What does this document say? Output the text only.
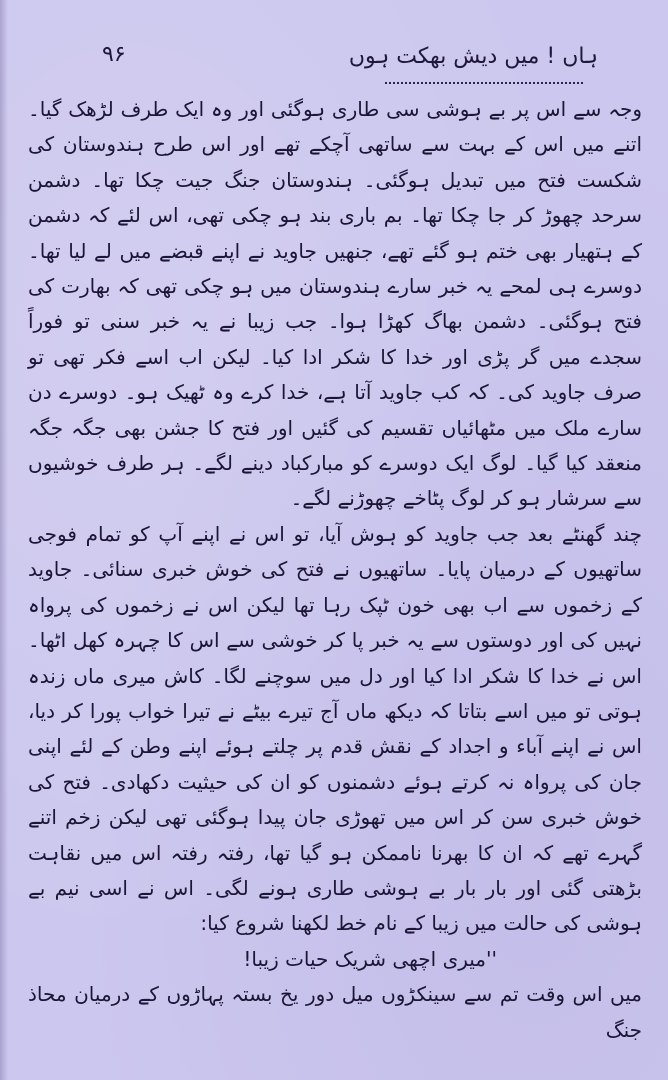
۹۶	ہاں ! میں دیش بھکت ہوں

وجہ سے اس پر بے ہوشی سی طاری ہوگئی اور وہ ایک طرف لڑھک گیا۔ اتنے میں اس کے بہت سے ساتھی آچکے تھے اور اس طرح ہندوستان کی شکست فتح میں تبدیل ہوگئی۔ ہندوستان جنگ جیت چکا تھا۔ دشمن سرحد چھوڑ کر جا چکا تھا۔ بم باری بند ہو چکی تھی، اس لئے کہ دشمن کے ہتھیار بھی ختم ہو گئے تھے، جنھیں جاوید نے اپنے قبضے میں لے لیا تھا۔ دوسرے ہی لمحے یہ خبر سارے ہندوستان میں ہو چکی تھی کہ بھارت کی فتح ہوگئی۔ دشمن بھاگ کھڑا ہوا۔ جب زیبا نے یہ خبر سنی تو فوراً سجدے میں گر پڑی اور خدا کا شکر ادا کیا۔ لیکن اب اسے فکر تھی تو صرف جاوید کی۔ کہ کب جاوید آتا ہے، خدا کرے وہ ٹھیک ہو۔ دوسرے دن سارے ملک میں مٹھائیاں تقسیم کی گئیں اور فتح کا جشن بھی جگہ جگہ منعقد کیا گیا۔ لوگ ایک دوسرے کو مبارکباد دینے لگے۔ ہر طرف خوشیوں سے سرشار ہو کر لوگ پٹاخے چھوڑنے لگے۔

چند گھنٹے بعد جب جاوید کو ہوش آیا، تو اس نے اپنے آپ کو تمام فوجی ساتھیوں کے درمیان پایا۔ ساتھیوں نے فتح کی خوش خبری سنائی۔ جاوید کے زخموں سے اب بھی خون ٹپک رہا تھا لیکن اس نے زخموں کی پرواہ نہیں کی اور دوستوں سے یہ خبر پا کر خوشی سے اس کا چہرہ کھل اٹھا۔ اس نے خدا کا شکر ادا کیا اور دل میں سوچنے لگا۔ کاش میری ماں زندہ ہوتی تو میں اسے بتاتا کہ دیکھ ماں آج تیرے بیٹے نے تیرا خواب پورا کر دیا، اس نے اپنے آباء و اجداد کے نقش قدم پر چلتے ہوئے اپنے وطن کے لئے اپنی جان کی پرواہ نہ کرتے ہوئے دشمنوں کو ان کی حیثیت دکھادی۔ فتح کی خوش خبری سن کر اس میں تھوڑی جان پیدا ہوگئی تھی لیکن زخم اتنے گہرے تھے کہ ان کا بھرنا ناممکن ہو گیا تھا، رفتہ رفتہ اس میں نقاہت بڑھتی گئی اور بار بار بے ہوشی طاری ہونے لگی۔ اس نے اسی نیم بے ہوشی کی حالت میں زیبا کے نام خط لکھنا شروع کیا:

''میری اچھی شریک حیات زیبا!

میں اس وقت تم سے سینکڑوں میل دور یخ بستہ پہاڑوں کے درمیان محاذ جنگ
